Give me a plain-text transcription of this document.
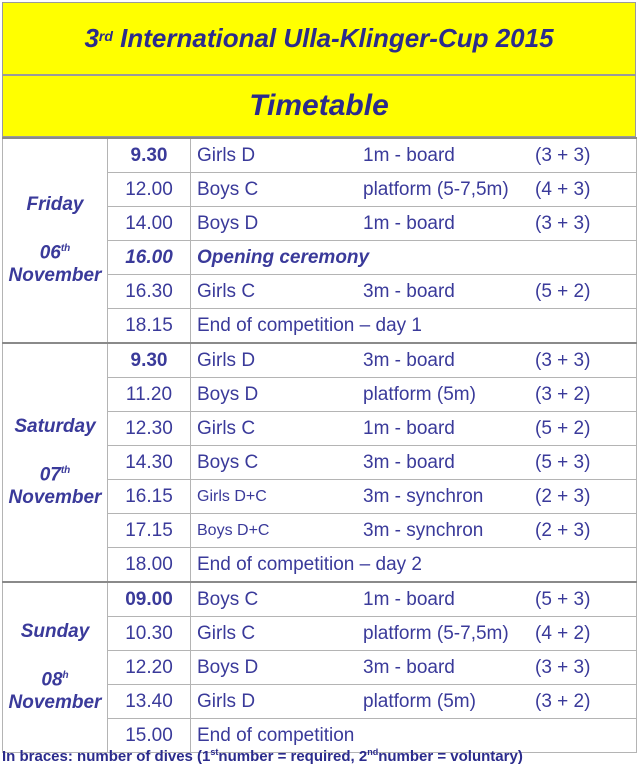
3rd
International Ulla-Klinger-Cup 2015
Timetable
Friday
06th
November	9.30	Girls D 1m - board (3 + 3)

	12.00	Boys C platform (5-7,5m) (4 + 3)

	14.00	Boys D 1m - board (3 + 3)

	16.00	Opening ceremony

	16.30	Girls C 3m - board (5 + 2)

	18.15	End of competition – day 1

Saturday
07th
November	9.30	Girls D 3m - board (3 + 3)

	11.20	Boys D platform (5m) (3 + 2)

	12.30	Girls C 1m - board (5 + 2)

	14.30	Boys C 3m - board (5 + 3)

	16.15	Girls D+C 3m - synchron (2 + 3)

	17.15	Boys D+C 3m - synchron (2 + 3)

	18.00	End of competition – day 2

Sunday
08$^h$
November	09.00	Boys C 1m - board (5 + 3)

	10.30	Girls C platform (5-7,5m) (4 + 2)

	12.20	Boys D 3m - board (3 + 3)

	13.40	Girls D platform (5m) (3 + 2)

	15.00	End of competition
In braces: number of dives (1stnumber = required, 2ndnumber = voluntary)
